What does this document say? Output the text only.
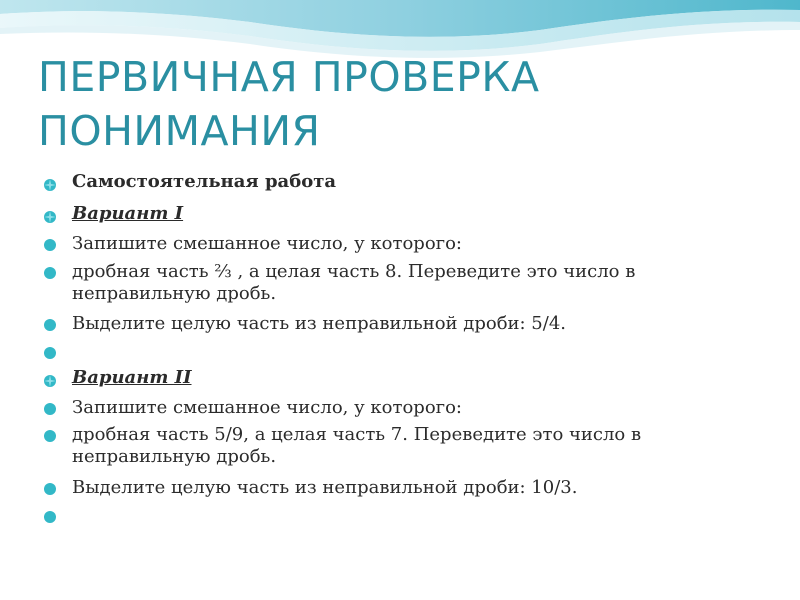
ПЕРВИЧНАЯ ПРОВЕРКА
ПОНИМАНИЯ
Самостоятельная работа
Вариант I
Запишите смешанное число, у которого:
дробная часть ⅔ , а целая часть 8. Переведите это число в неправильную дробь.
Выделите целую часть из неправильной дроби: 5/4.
Вариант II
Запишите смешанное число, у которого:
дробная часть 5/9, а целая часть 7. Переведите это число в неправильную дробь.
Выделите целую часть из неправильной дроби: 10/3.
